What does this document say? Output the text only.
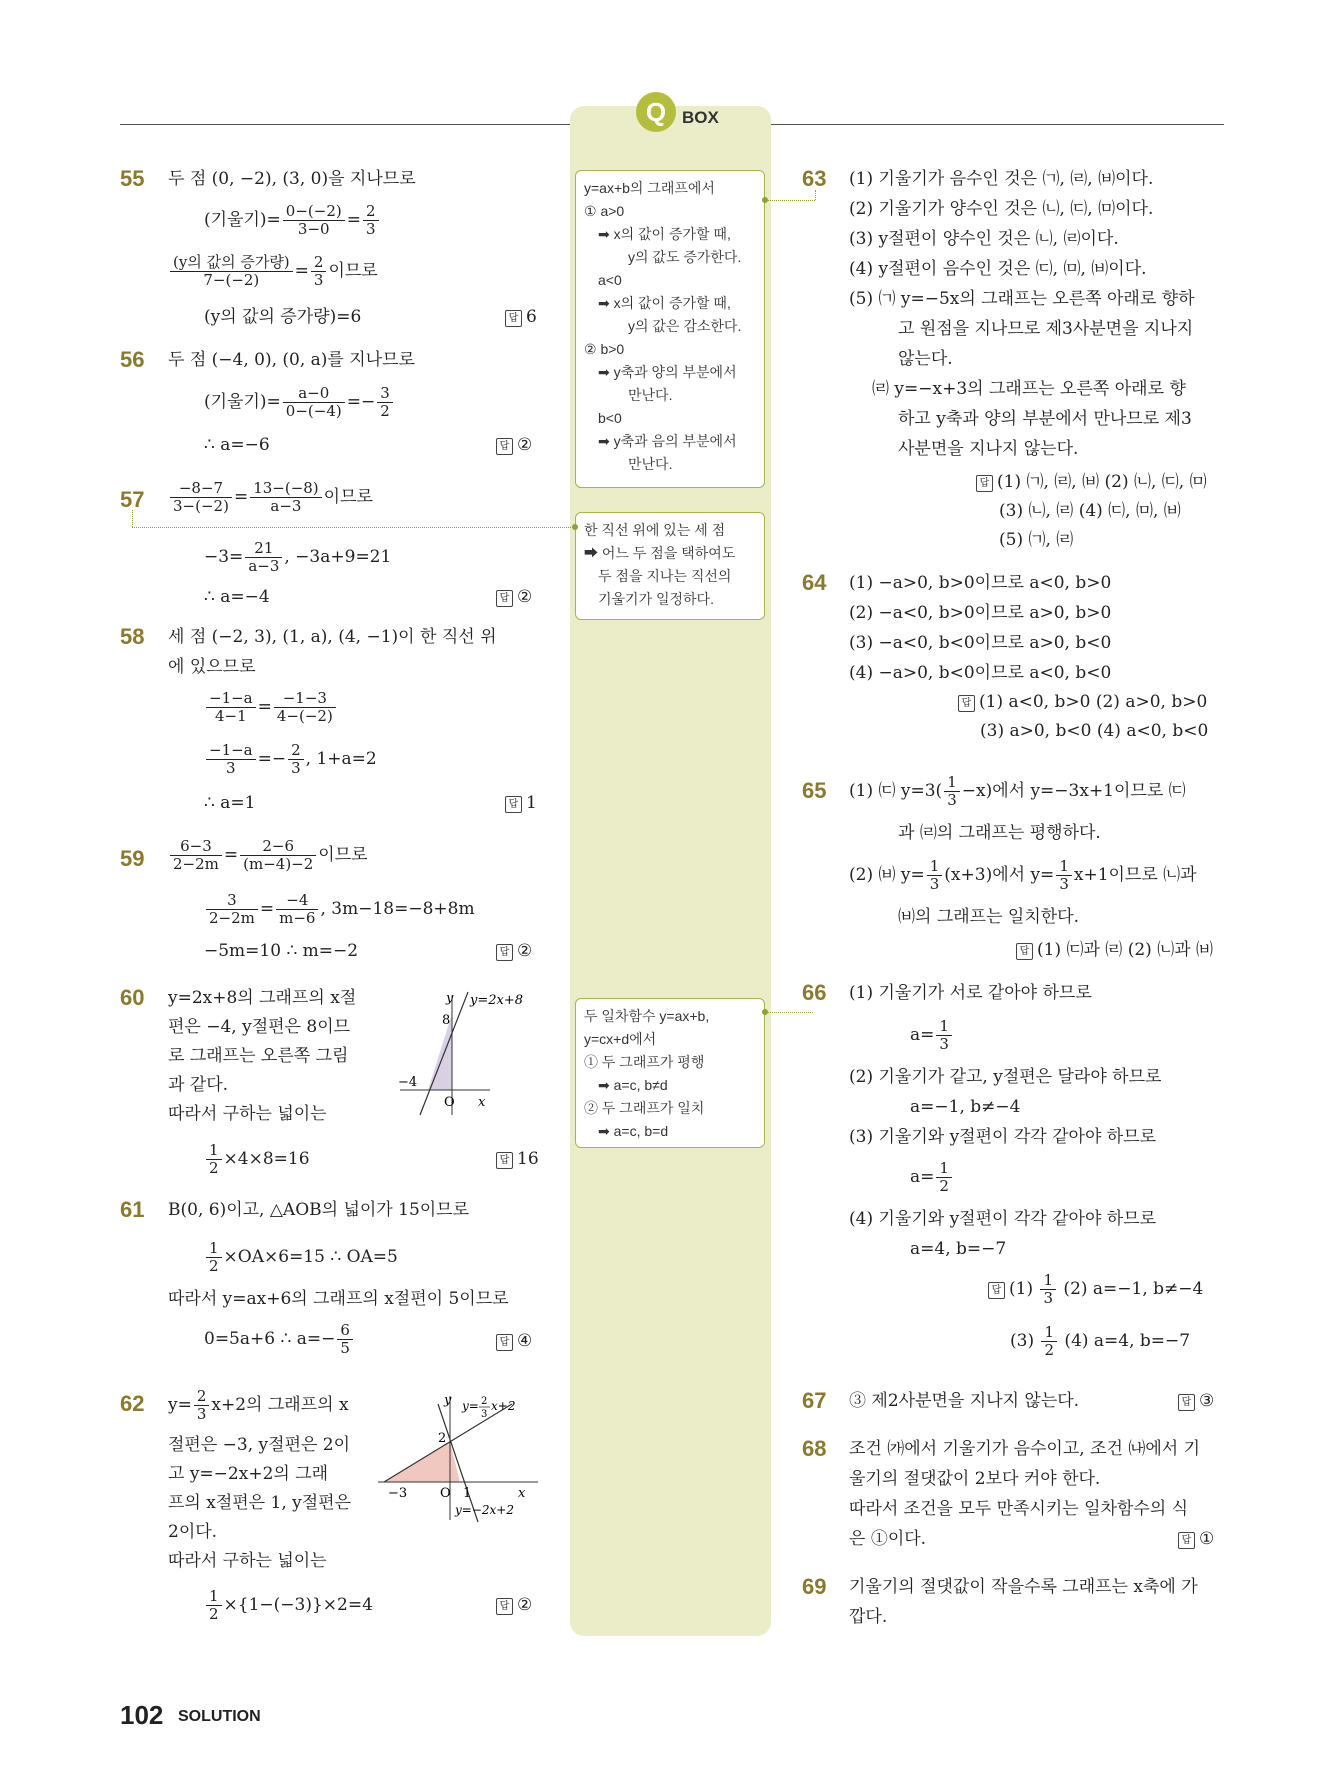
Q BOX
55 두 점 (0, −2), (3, 0)을 지나므로
(기울기)= $\frac{0-(-2)}{3-0} = \frac{2}{3}$
$\frac{\text{(y의 값의 증가량)}}{7-(-2)} = \frac{2}{3}$ 이므로
(y의 값의 증가량)=6	답 6
56 두 점 (−4, 0), (0, a)를 지나므로
(기울기)= $\frac{a-0}{0-(-4)} =- \frac{3}{2}$
∴ a=−6	답 ②
$57 \frac{-8-7}{3-(-2)} = \frac{13-(-8)}{a-3}$ 이므로
$-3= \frac{21}{a-3}$ , −3a+9=21
∴ a=−4	답 ②
58 세 점 (−2, 3), (1, a), (4, −1)이 한 직선 위
에 있으므로
$\frac{-1-a}{4-1} = \frac{-1-3}{4-(-2)}$
$\frac{-1-a}{3} =- \frac{2}{3}$ , 1+a=2
∴ a=1	답 1
$59 \frac{6-3}{2-2m} = \frac{2-6}{(m-4)-2}$ 이므로
$\frac{3}{2-2m} = \frac{-4}{m-6}$ , 3m−18=−8+8m
−5m=10 ∴ m=−2	답 ②
60 y=2x+8의 그래프의 x절
편은 −4, y절편은 8이므
로 그래프는 오른쪽 그림
과 같다.
따라서 구하는 넓이는
$\frac{1}{2} \times 4\times 8=16$	답 16
y y=2x+8
8
−4
O x
61 B(0, 6)이고, △AOB의 넓이가 15이므로
$\frac{1}{2} \times OA\times 6=15$ ∴ OA=5
따라서 y=ax+6의 그래프의 x절편이 5이므로
0=5a+6 ∴ $a=- \frac{6}{5}$	답 ④
62 $y= \frac{2}{3} x+2$의 그래프의 x
절편은 −3, y절편은 2이
고 y=−2x+2의 그래
프의 x절편은 1, y절편은
2이다.
따라서 구하는 넓이는
$\frac{1}{2} \times\{1-(-3)\}\times 2=4$	답 ②
y y= 2
3
x+2
2
−3	O 1	x
y=−2x+2
y=ax+b의 그래프에서
① a>0
➡ x의 값이 증가할 때,
y의 값도 증가한다.
a<0
➡ x의 값이 증가할 때,
y의 값은 감소한다.
② b>0
➡ y축과 양의 부분에서
만난다.
b<0
➡ y축과 음의 부분에서
만난다.
한 직선 위에 있는 세 점
➡ 어느 두 점을 택하여도
두 점을 지나는 직선의
기울기가 일정하다.
두 일차함수 y=ax+b,
y=cx+d에서
① 두 그래프가 평행
➡ a=c, b≠d
② 두 그래프가 일치
➡ a=c, b=d
63 (1) 기울기가 음수인 것은 ㈀, ㈃, ㈅이다.
(2) 기울기가 양수인 것은 ㈁, ㈂, ㈄이다.
(3) y절편이 양수인 것은 ㈁, ㈃이다.
(4) y절편이 음수인 것은 ㈂, ㈄, ㈅이다.
(5) ㈀ y=−5x의 그래프는 오른쪽 아래로 향하
고 원점을 지나므로 제3사분면을 지나지
않는다.
㈃ y=−x+3의 그래프는 오른쪽 아래로 향
하고 y축과 양의 부분에서 만나므로 제3
사분면을 지나지 않는다.
답 (1) ㈀, ㈃, ㈅ (2) ㈁, ㈂, ㈄
(3) ㈁, ㈃ (4) ㈂, ㈄, ㈅
(5) ㈀, ㈃
64 (1) −a>0, b>0이므로 a<0, b>0
(2) −a<0, b>0이므로 a>0, b>0
(3) −a<0, b<0이므로 a>0, b<0
(4) −a>0, b<0이므로 a<0, b<0
답 (1) a<0, b>0 (2) a>0, b>0
(3) a>0, b<0 (4) a<0, b<0
65 (1) ㈂ $y=3( \frac{1}{3} -x)$에서 y=−3x+1이므로 ㈂
과 ㈃의 그래프는 평행하다.
(2) ㈅ $y= \frac{1}{3} (x+3)$에서 $y= \frac{1}{3} x+1$이므로 ㈁과
㈅의 그래프는 일치한다.
답 (1) ㈂과 ㈃ (2) ㈁과 ㈅
66 (1) 기울기가 서로 같아야 하므로
$a= \frac{1}{3}$
(2) 기울기가 같고, y절편은 달라야 하므로
a=−1, b≠−4
(3) 기울기와 y절편이 각각 같아야 하므로
$a= \frac{1}{2}$
(4) 기울기와 y절편이 각각 같아야 하므로
a=4, b=−7
답 $(1) \frac{1}{3} (2)$ a=−1, b≠−4
$(3) \frac{1}{2} (4)$ a=4, b=−7
67 ③ 제2사분면을 지나지 않는다.	답 ③
68 조건 ㈎에서 기울기가 음수이고, 조건 ㈏에서 기
울기의 절댓값이 2보다 커야 한다.
따라서 조건을 모두 만족시키는 일차함수의 식
은 ①이다.	답 ①
69 기울기의 절댓값이 작을수록 그래프는 x축에 가
깝다.
102 SOLUTION
